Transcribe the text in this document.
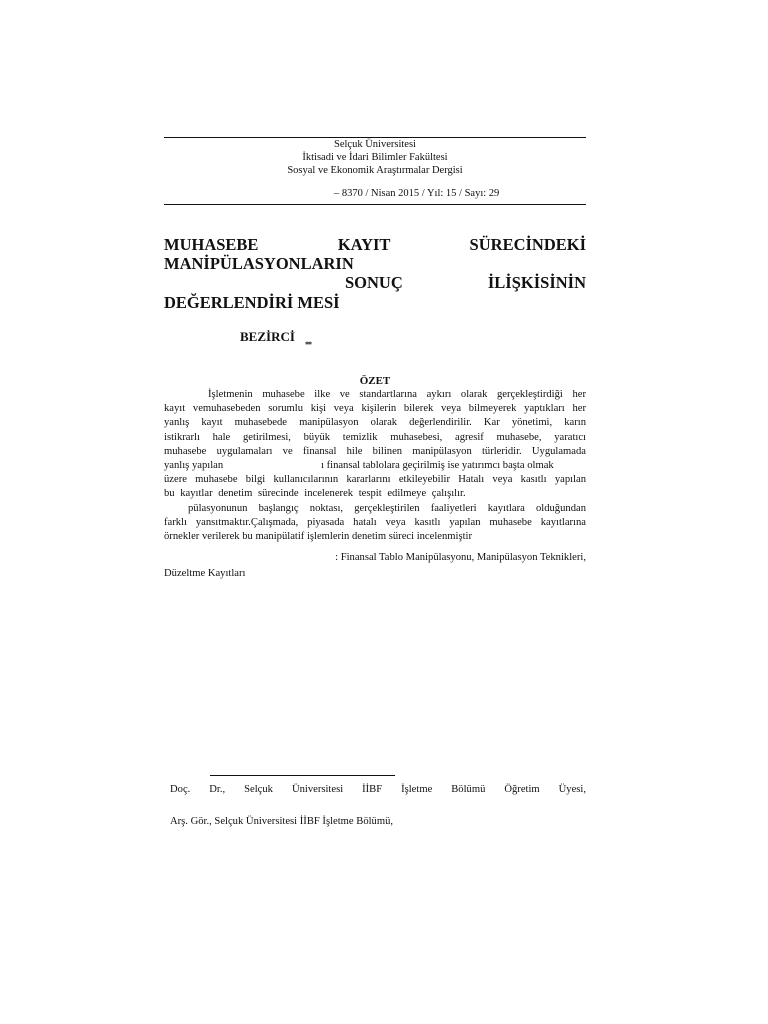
Selçuk Üniversitesi
İktisadi ve İdari Bilimler Fakültesi
Sosyal ve Ekonomik Araştırmalar Dergisi
– 8370 / Nisan 2015 / Yıl: 15 / Sayı: 29
MUHASEBE KAYIT SÜRECİNDEKİ
MANİPÜLASYONLARIN
SONUÇ	İLİŞKİSİNİN
DEĞERLENDİRİ MESİ
BEZİRCİ
**
ÖZET
İşletmenin muhasebe ilke ve standartlarına aykırı olarak gerçekleştirdiği her
kayıt vemuhasebeden sorumlu kişi veya kişilerin bilerek veya bilmeyerek yaptıkları her
yanlış kayıt muhasebede manipülasyon olarak değerlendirilir. Kar yönetimi, karın
istikrarlı hale getirilmesi, büyük temizlik muhasebesi, agresif muhasebe, yaratıcı
muhasebe uygulamaları ve finansal hile bilinen manipülasyon türleridir. Uygulamada
yanlış yapılan	ı finansal tablolara geçirilmiş ise yatırımcı başta olmak
üzere muhasebe bilgi kullanıcılarının kararlarını etkileyebilir Hatalı veya kasıtlı yapılan
bu kayıtlar denetim sürecinde incelenerek tespit edilmeye çalışılır.
pülasyonunun başlangıç noktası, gerçekleştirilen faaliyetleri kayıtlara olduğundan
farklı yansıtmaktır.Çalışmada, piyasada hatalı veya kasıtlı yapılan muhasebe kayıtlarına
örnekler verilerek bu manipülatif işlemlerin denetim süreci incelenmiştir
: Finansal Tablo Manipülasyonu, Manipülasyon Teknikleri,
Düzeltme Kayıtları
Doç. Dr., Selçuk Üniversitesi İİBF İşletme Bölümü Öğretim Üyesi,
Arş. Gör., Selçuk Üniversitesi İİBF İşletme Bölümü,
